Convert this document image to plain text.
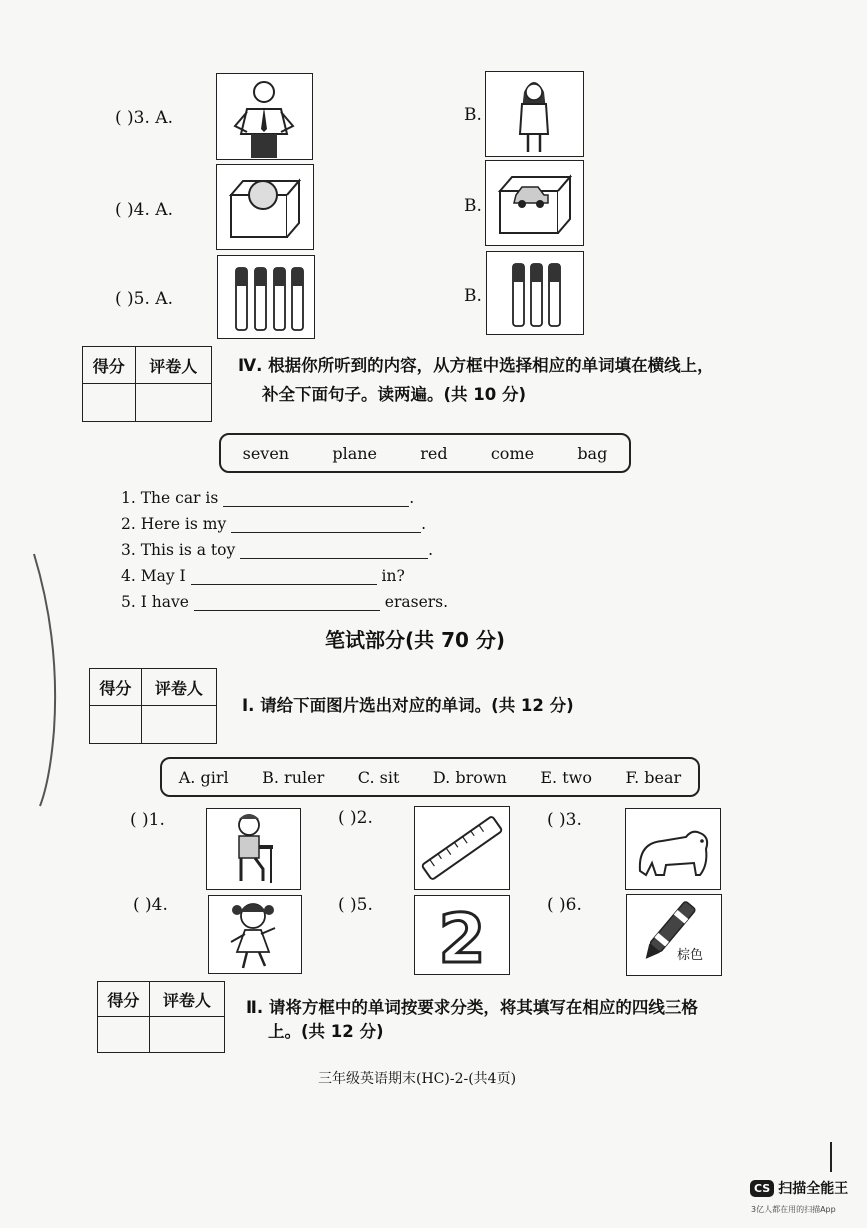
( )3. A.	B.
( )4. A.	B.
( )5. A.	B.
得分	评卷人
	Ⅳ. 根据你所听到的内容，从方框中选择相应的单词填在横线上，
补全下面句子。读两遍。(共 10 分)
seven	plane	red	come	bag
1. The car is	.
2. Here is my	.
3. This is a toy	.
4. May I	in?
5. I have	erasers.
笔试部分(共 70 分)
得分	评卷人

Ⅰ. 请给下面图片选出对应的单词。(共 12 分)
A. girl B. ruler C. sit D. brown E. two F. bear
( )1.	( )2.	( )3.
( )4.	( )5. 2	( )6.
棕色
得分	评卷人
	Ⅱ. 请将方框中的单词按要求分类，将其填写在相应的四线三格
上。(共 12 分)
三年级英语期末(HC)-2-(共4页)
CS 扫描全能王
3亿人都在用的扫描App
